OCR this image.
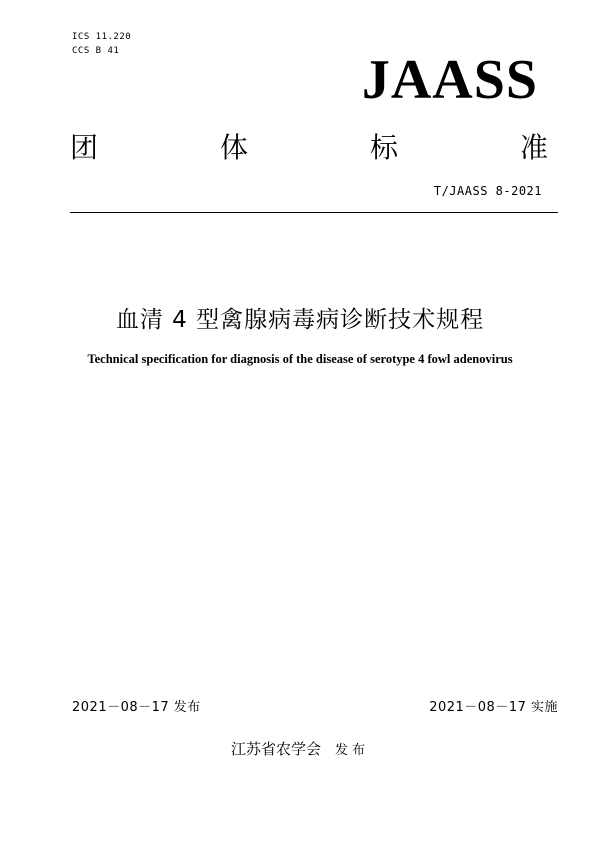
ICS 11.220
CCS B 41	JAASS
团	体	标	准
T/JAASS 8-2021
血清 4 型禽腺病毒病诊断技术规程
Technical specification for diagnosis of the disease of serotype 4 fowl adenovirus
2021－08－17 发布	2021－08－17 实施
江苏省农学会 发布
